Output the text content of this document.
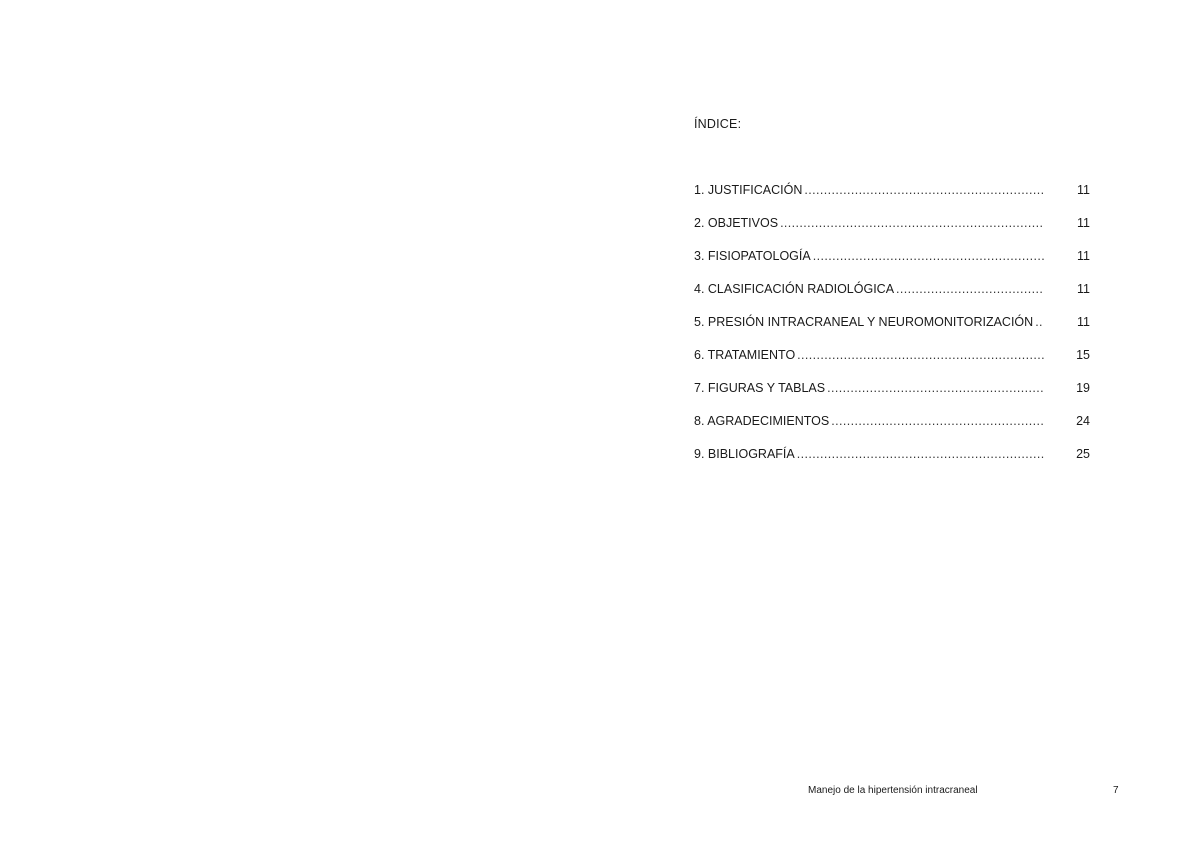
ÍNDICE:
1. JUSTIFICACIÓN .....	11
2. OBJETIVOS .....	11
3. FISIOPATOLOGÍA .....	11
4. CLASIFICACIÓN RADIOLÓGICA .....	11
5. PRESIÓN INTRACRANEAL Y NEUROMONITORIZACIÓN .....	11
6. TRATAMIENTO .....	15
7. FIGURAS Y TABLAS .....	19
8. AGRADECIMIENTOS .....	24
9. BIBLIOGRAFÍA .....	25
Manejo de la hipertensión intracraneal	7
